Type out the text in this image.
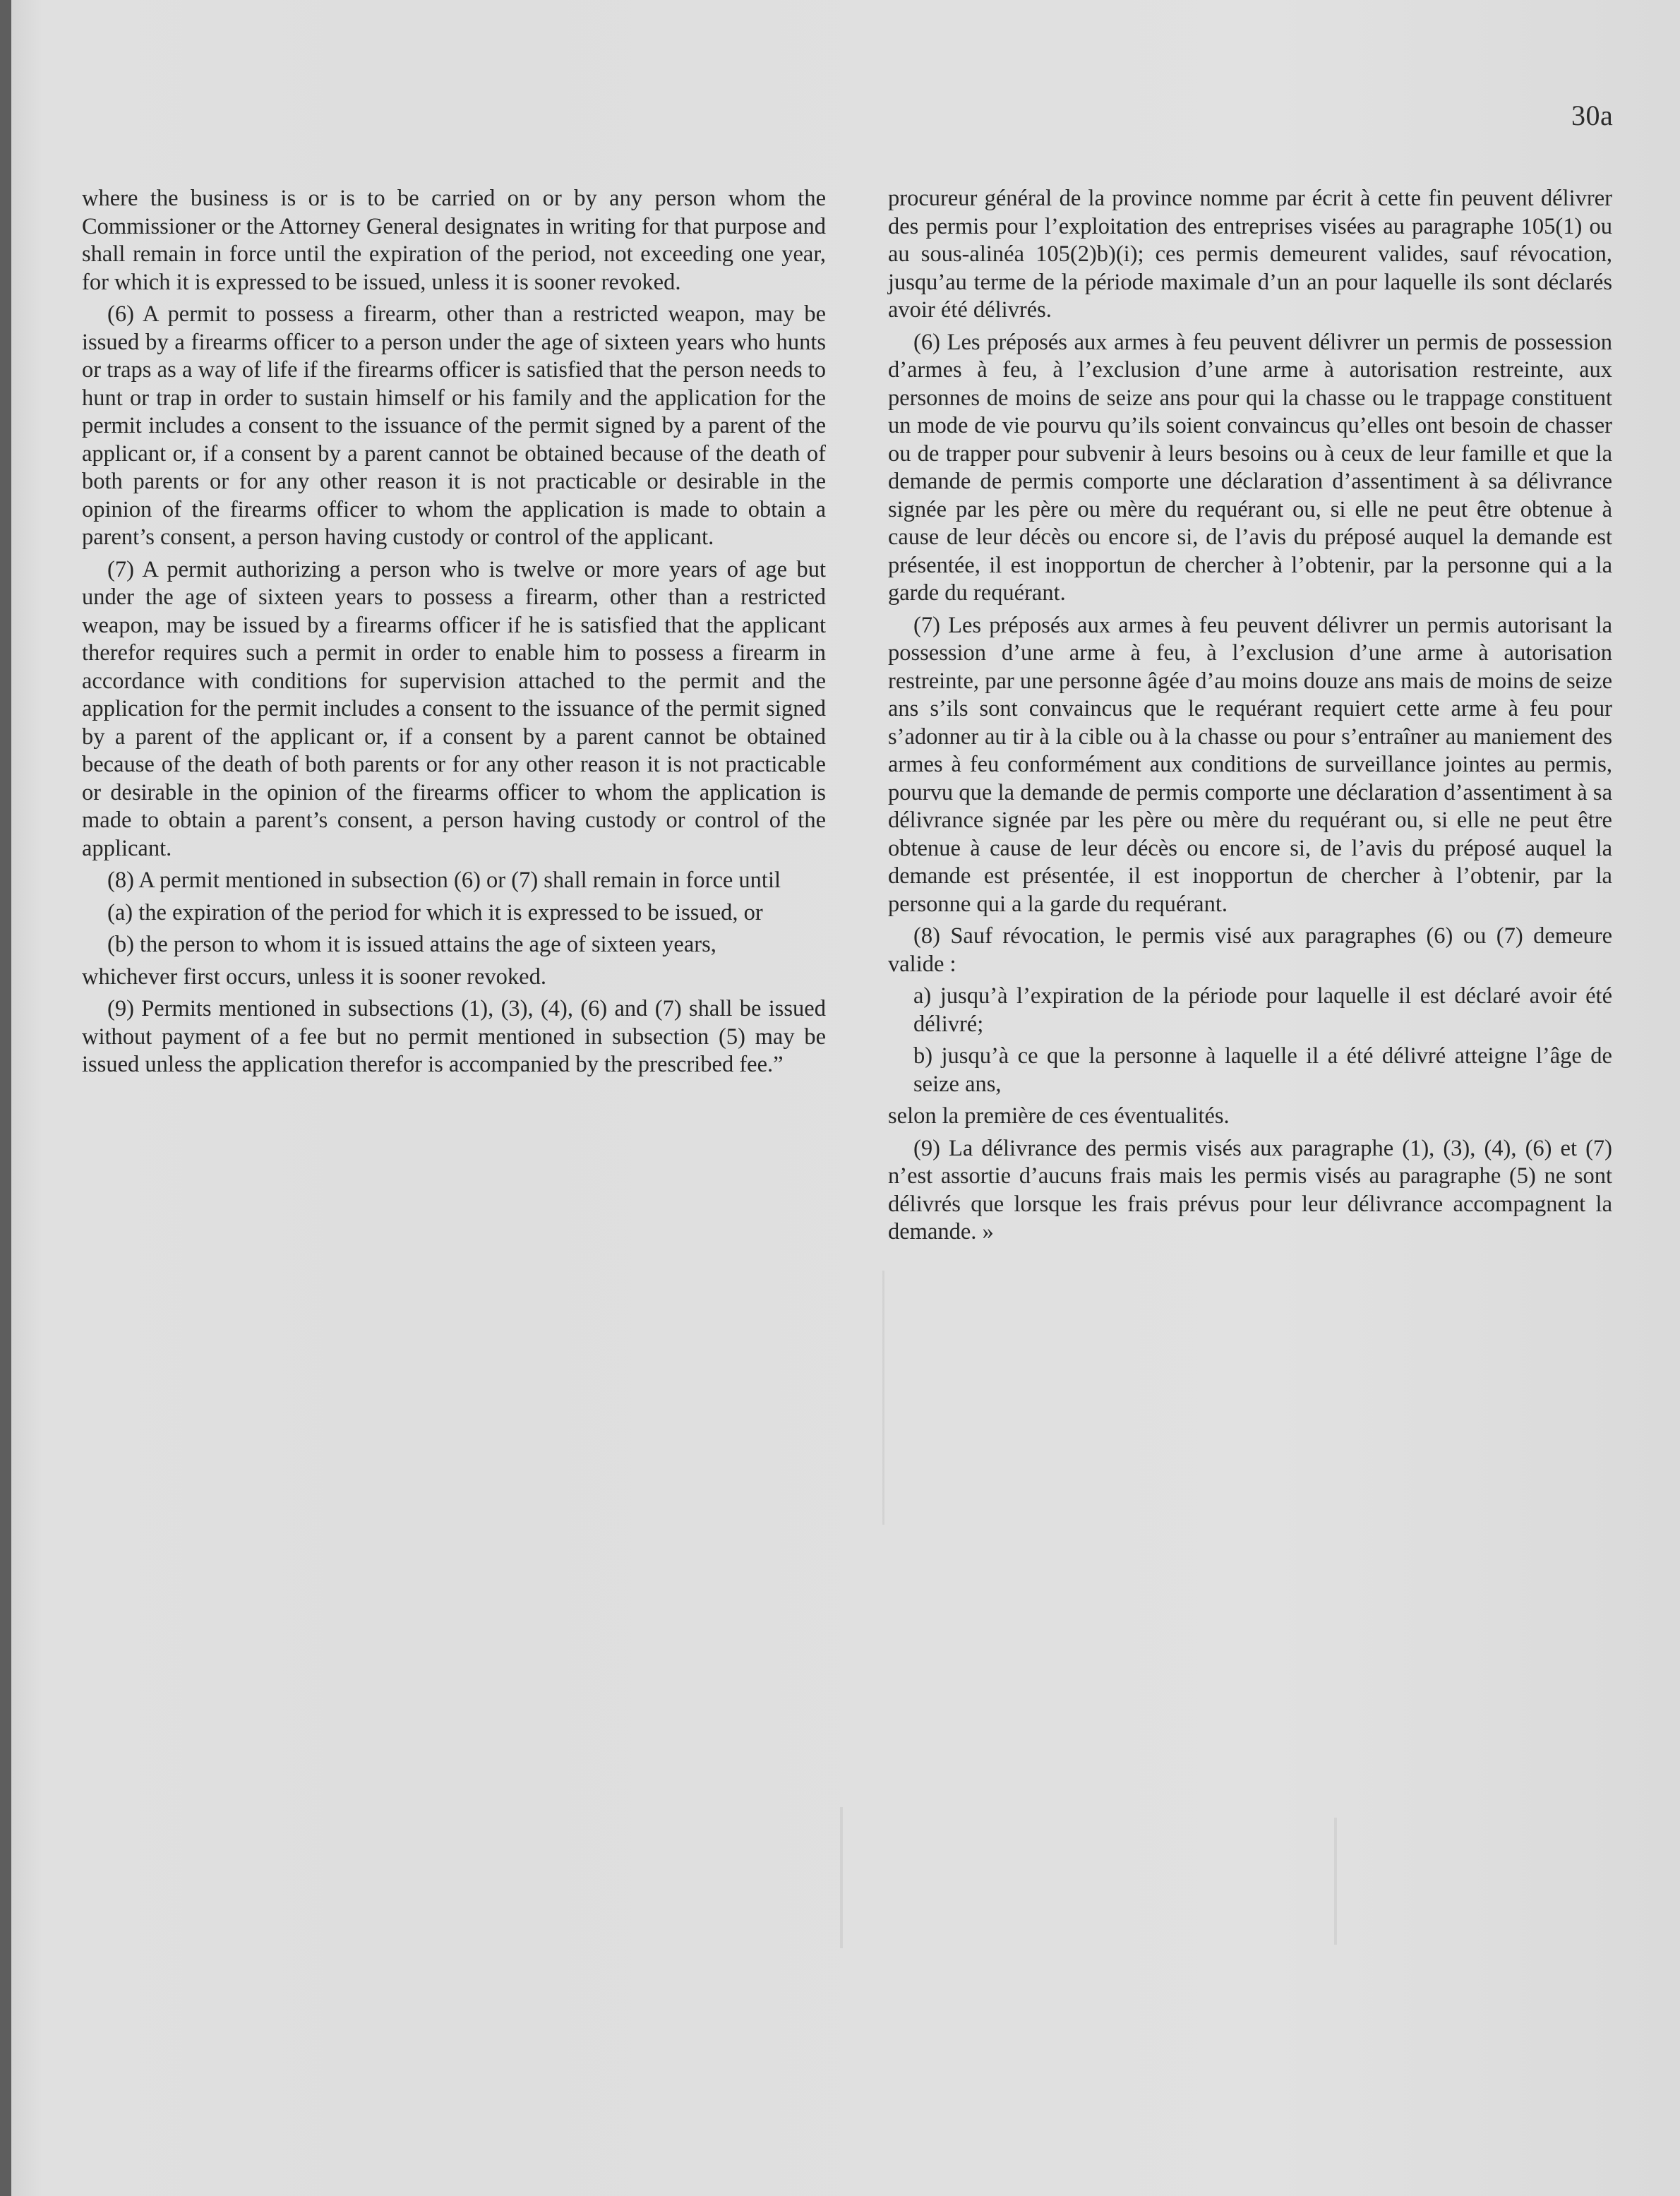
30a

where the business is or is to be carried on or by any person whom the Commissioner or the Attorney General designates in writing for that purpose and shall remain in force until the expiration of the period, not exceeding one year, for which it is expressed to be issued, unless it is sooner revoked.

(6) A permit to possess a firearm, other than a restricted weapon, may be issued by a firearms officer to a person under the age of sixteen years who hunts or traps as a way of life if the firearms officer is satisfied that the person needs to hunt or trap in order to sustain himself or his family and the application for the permit includes a consent to the issuance of the permit signed by a parent of the applicant or, if a consent by a parent cannot be obtained because of the death of both parents or for any other reason it is not practicable or desirable in the opinion of the firearms officer to whom the application is made to obtain a parent’s consent, a person having custody or control of the applicant.

(7) A permit authorizing a person who is twelve or more years of age but under the age of sixteen years to possess a firearm, other than a restricted weapon, may be issued by a firearms officer if he is satisfied that the applicant therefor requires such a permit in order to enable him to possess a firearm in accordance with conditions for supervision attached to the permit and the application for the permit includes a consent to the issuance of the permit signed by a parent of the applicant or, if a consent by a parent cannot be obtained because of the death of both parents or for any other reason it is not practicable or desirable in the opinion of the firearms officer to whom the application is made to obtain a parent’s consent, a person having custody or control of the applicant.

(8) A permit mentioned in subsection (6) or (7) shall remain in force until

(a) the expiration of the period for which it is expressed to be issued, or

(b) the person to whom it is issued attains the age of sixteen years,

whichever first occurs, unless it is sooner revoked.

(9) Permits mentioned in subsections (1), (3), (4), (6) and (7) shall be issued without payment of a fee but no permit mentioned in subsection (5) may be issued unless the application therefor is accompanied by the prescribed fee.”

procureur général de la province nomme par écrit à cette fin peuvent délivrer des permis pour l’exploitation des entreprises visées au paragraphe 105(1) ou au sous-alinéa 105(2)b)(i); ces permis demeurent valides, sauf révocation, jusqu’au terme de la période maximale d’un an pour laquelle ils sont déclarés avoir été délivrés.

(6) Les préposés aux armes à feu peuvent délivrer un permis de possession d’armes à feu, à l’exclusion d’une arme à autorisation restreinte, aux personnes de moins de seize ans pour qui la chasse ou le trappage constituent un mode de vie pourvu qu’ils soient convaincus qu’elles ont besoin de chasser ou de trapper pour subvenir à leurs besoins ou à ceux de leur famille et que la demande de permis comporte une déclaration d’assentiment à sa délivrance signée par les père ou mère du requérant ou, si elle ne peut être obtenue à cause de leur décès ou encore si, de l’avis du préposé auquel la demande est présentée, il est inopportun de chercher à l’obtenir, par la personne qui a la garde du requérant.

(7) Les préposés aux armes à feu peuvent délivrer un permis autorisant la possession d’une arme à feu, à l’exclusion d’une arme à autorisation restreinte, par une personne âgée d’au moins douze ans mais de moins de seize ans s’ils sont convaincus que le requérant requiert cette arme à feu pour s’adonner au tir à la cible ou à la chasse ou pour s’entraîner au maniement des armes à feu conformément aux conditions de surveillance jointes au permis, pourvu que la demande de permis comporte une déclaration d’assentiment à sa délivrance signée par les père ou mère du requérant ou, si elle ne peut être obtenue à cause de leur décès ou encore si, de l’avis du préposé auquel la demande est présentée, il est inopportun de chercher à l’obtenir, par la personne qui a la garde du requérant.

(8) Sauf révocation, le permis visé aux paragraphes (6) ou (7) demeure valide :

a) jusqu’à l’expiration de la période pour laquelle il est déclaré avoir été délivré;

b) jusqu’à ce que la personne à laquelle il a été délivré atteigne l’âge de seize ans,

selon la première de ces éventualités.

(9) La délivrance des permis visés aux paragraphe (1), (3), (4), (6) et (7) n’est assortie d’aucuns frais mais les permis visés au paragraphe (5) ne sont délivrés que lorsque les frais prévus pour leur délivrance accompagnent la demande. »
